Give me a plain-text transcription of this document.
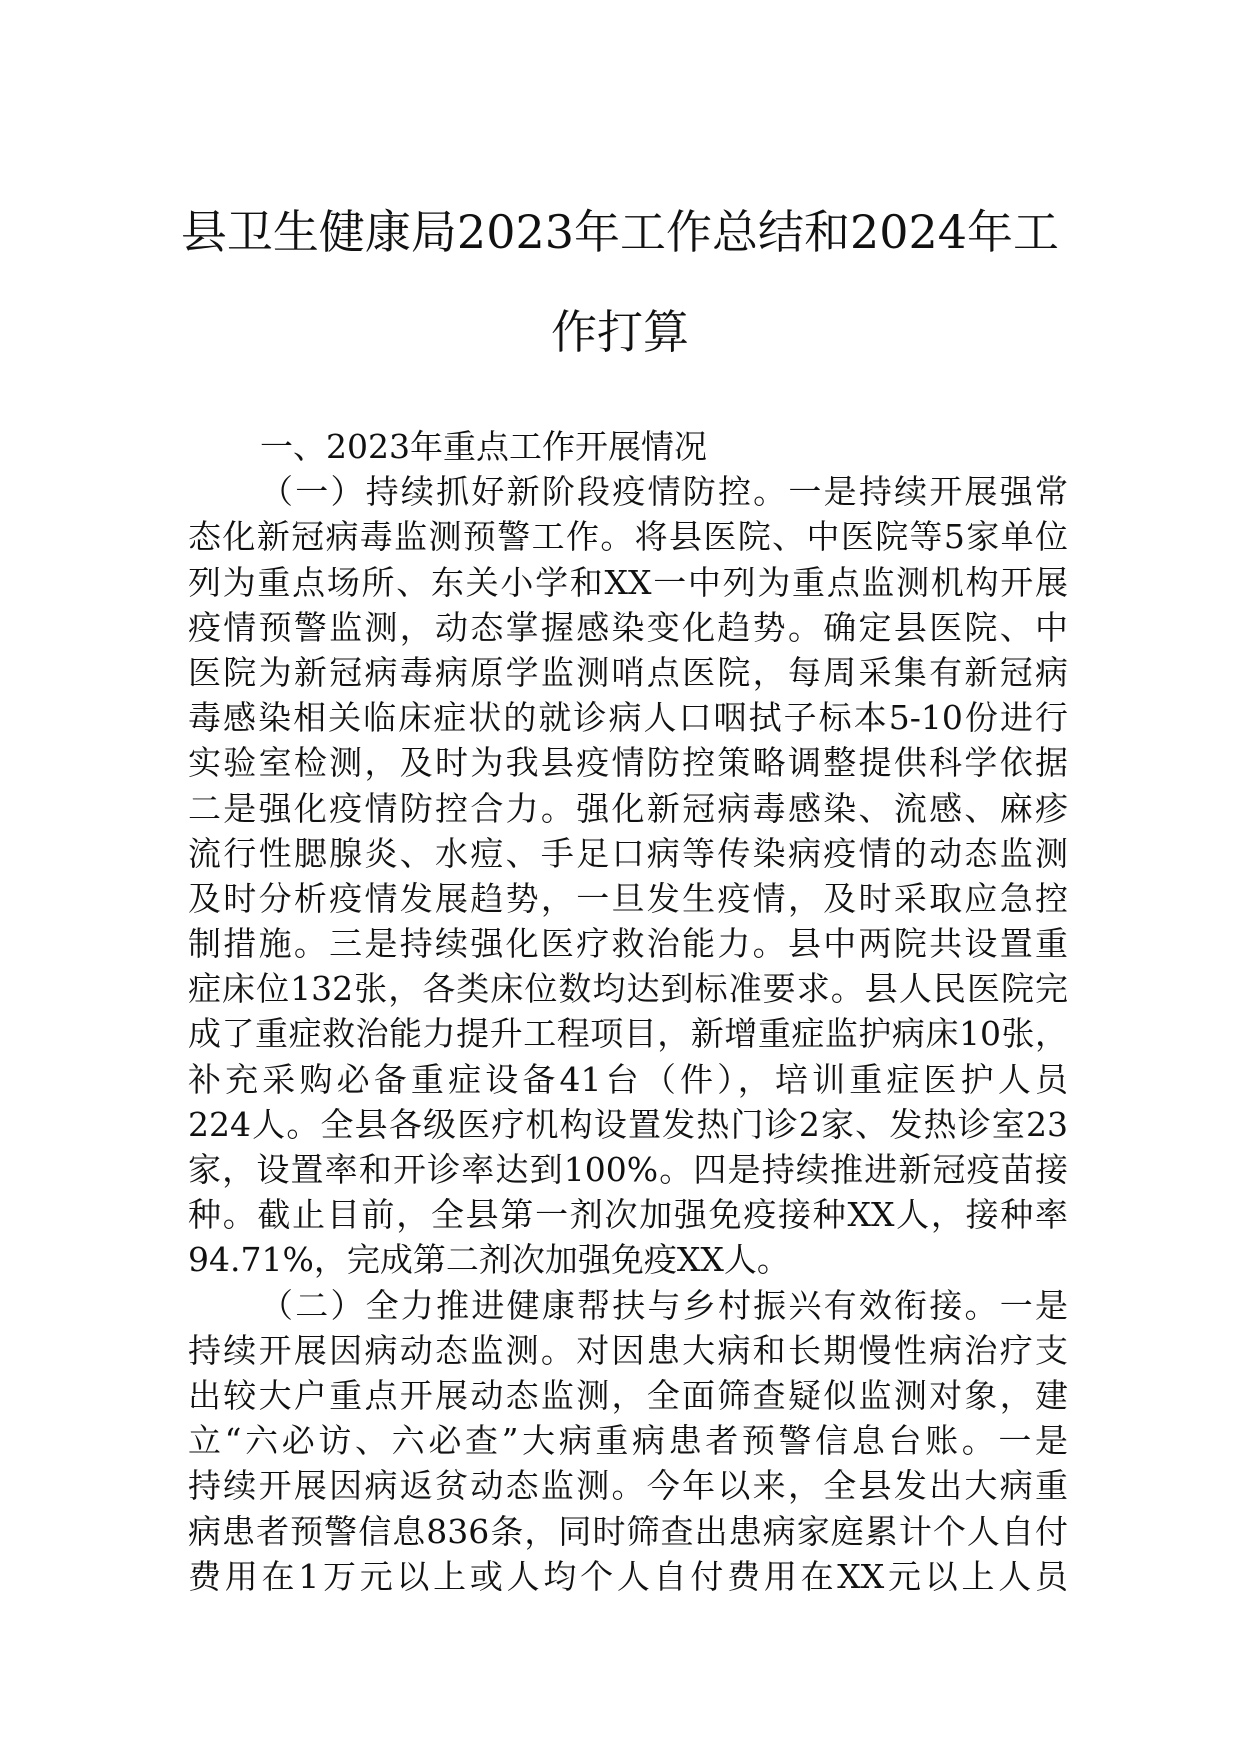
县卫生健康局2023年工作总结和2024年工
作打算
一、2023年重点工作开展情况
（一）持续抓好新阶段疫情防控。一是持续开展强常
态化新冠病毒监测预警工作。将县医院、中医院等5家单位
列为重点场所、东关小学和XX一中列为重点监测机构开展
疫情预警监测，动态掌握感染变化趋势。确定县医院、中
医院为新冠病毒病原学监测哨点医院，每周采集有新冠病
毒感染相关临床症状的就诊病人口咽拭子标本5-10份进行
实验室检测，及时为我县疫情防控策略调整提供科学依据
二是强化疫情防控合力。强化新冠病毒感染、流感、麻疹
流行性腮腺炎、水痘、手足口病等传染病疫情的动态监测
及时分析疫情发展趋势，一旦发生疫情，及时采取应急控
制措施。三是持续强化医疗救治能力。县中两院共设置重
症床位132张，各类床位数均达到标准要求。县人民医院完
成了重症救治能力提升工程项目，新增重症监护病床10张，
补充采购必备重症设备41台（件），培训重症医护人员
224人。全县各级医疗机构设置发热门诊2家、发热诊室23
家，设置率和开诊率达到100%。四是持续推进新冠疫苗接
种。截止目前，全县第一剂次加强免疫接种XX人，接种率
94.71%，完成第二剂次加强免疫XX人。
（二）全力推进健康帮扶与乡村振兴有效衔接。一是
持续开展因病动态监测。对因患大病和长期慢性病治疗支
出较大户重点开展动态监测，全面筛查疑似监测对象，建
立“六必访、六必查”大病重病患者预警信息台账。一是
持续开展因病返贫动态监测。今年以来，全县发出大病重
病患者预警信息836条，同时筛查出患病家庭累计个人自付
费用在1万元以上或人均个人自付费用在XX元以上人员
